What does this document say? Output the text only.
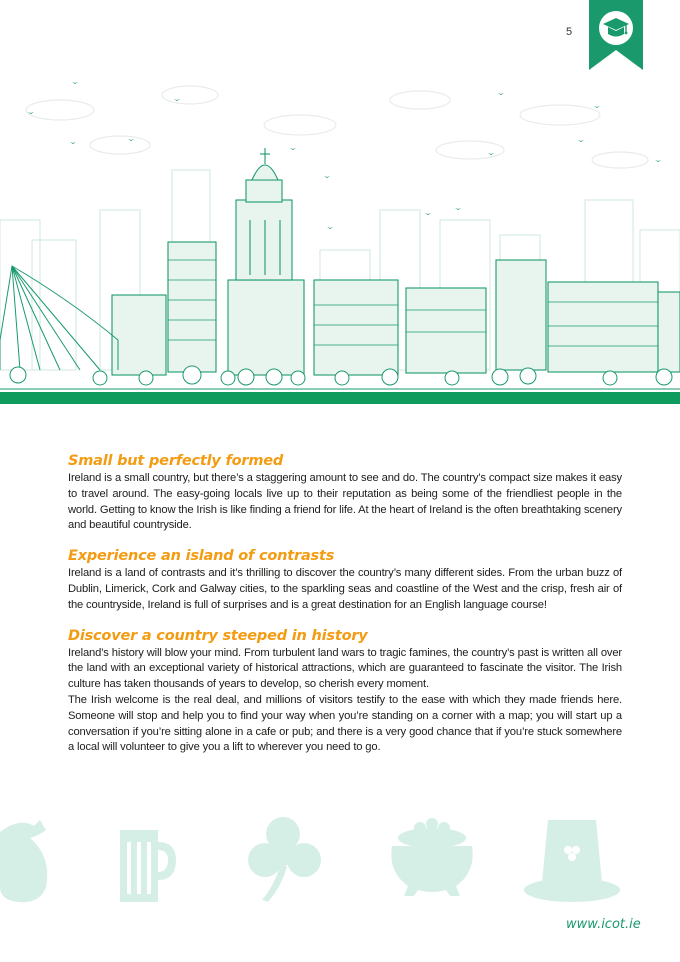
5
Small but perfectly formed

Ireland is a small country, but there’s a staggering amount to see and do. The country’s compact size makes it easy to travel around. The easy-going locals live up to their reputation as being some of the friendliest people in the world. Getting to know the Irish is like finding a friend for life. At the heart of Ireland is the often breathtaking scenery and beautiful countryside.

Experience an island of contrasts

Ireland is a land of contrasts and it’s thrilling to discover the country’s many different sides. From the urban buzz of Dublin, Limerick, Cork and Galway cities, to the sparkling seas and coastline of the West and the crisp, fresh air of the countryside, Ireland is full of surprises and is a great destination for an English language course!

Discover a country steeped in history

Ireland’s history will blow your mind. From turbulent land wars to tragic famines, the country’s past is written all over the land with an exceptional variety of historical attractions, which are guaranteed to fascinate the visitor. The Irish culture has taken thousands of years to develop, so cherish every moment.

The Irish welcome is the real deal, and millions of visitors testify to the ease with which they made friends here. Someone will stop and help you to find your way when you’re standing on a corner with a map; you will start up a conversation if you’re sitting alone in a cafe or pub; and there is a very good chance that if you’re stuck somewhere a local will volunteer to give you a lift to wherever you need to go.

www.icot.ie
